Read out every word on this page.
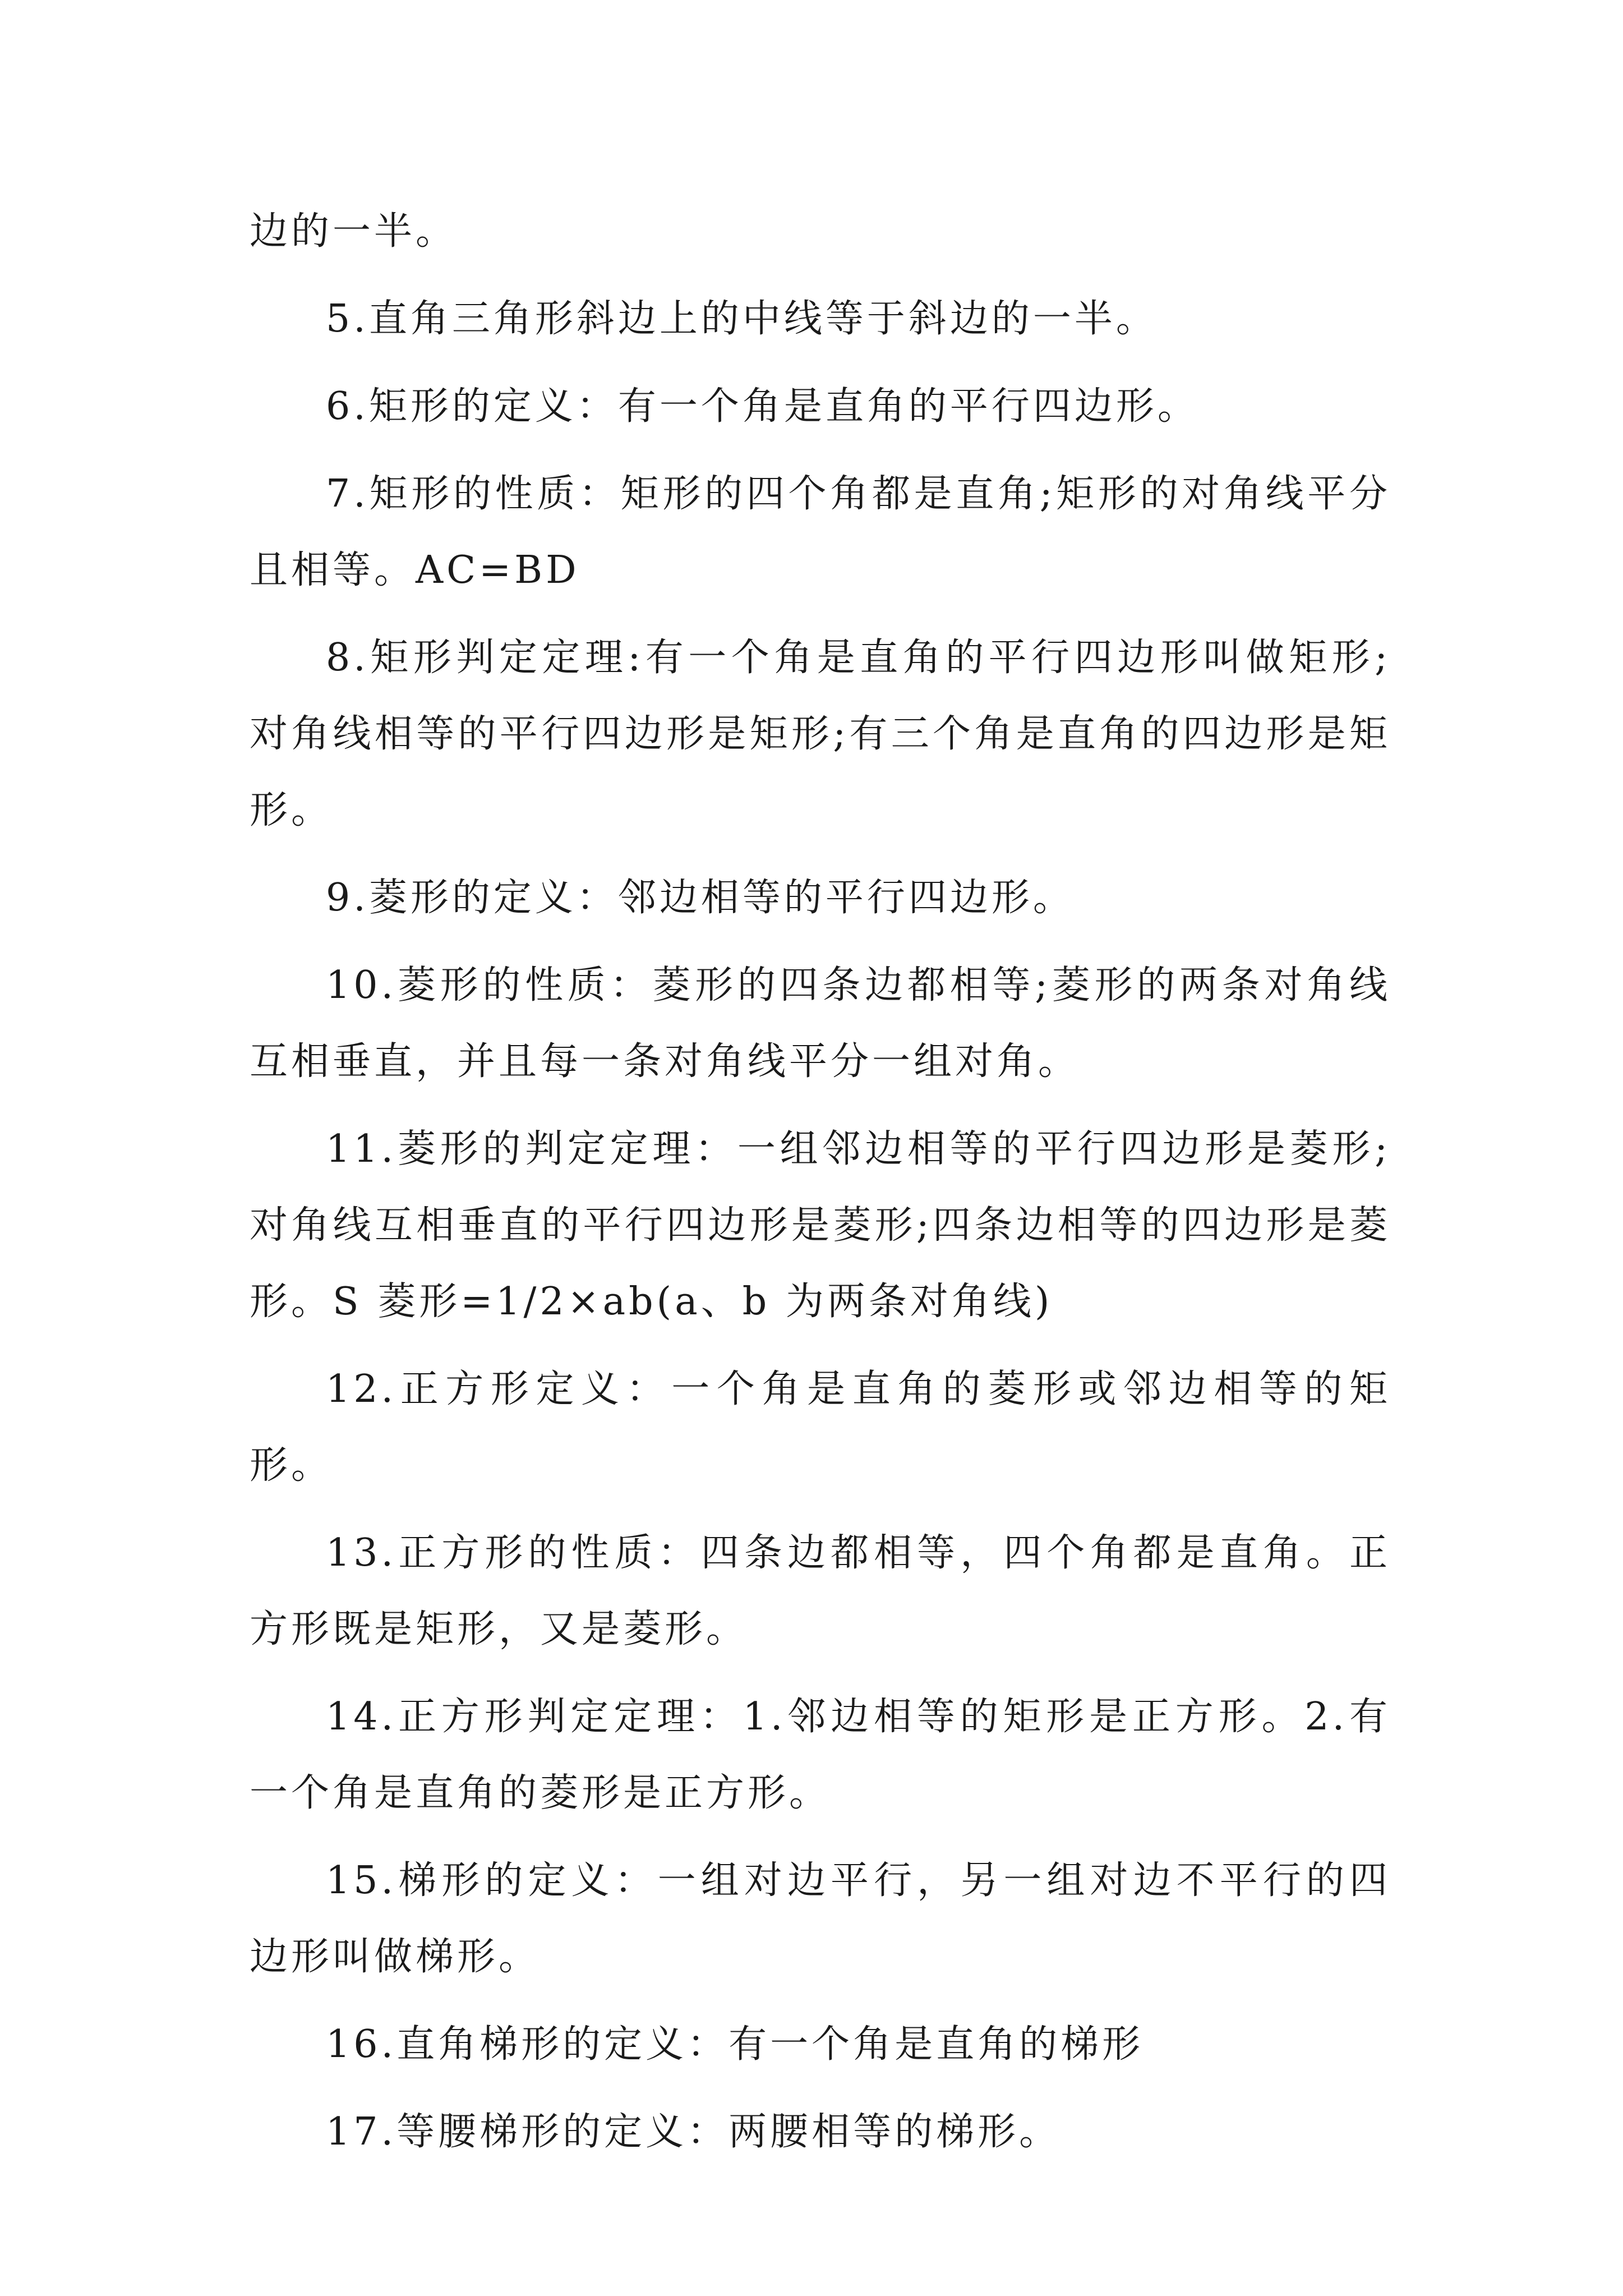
边的一半。

5.直角三角形斜边上的中线等于斜边的一半。

6.矩形的定义：有一个角是直角的平行四边形。

7.矩形的性质：矩形的四个角都是直角;矩形的对角线平分且相等。AC=BD

8.矩形判定定理:有一个角是直角的平行四边形叫做矩形;对角线相等的平行四边形是矩形;有三个角是直角的四边形是矩形。

9.菱形的定义：邻边相等的平行四边形。

10.菱形的性质：菱形的四条边都相等;菱形的两条对角线互相垂直，并且每一条对角线平分一组对角。

11.菱形的判定定理：一组邻边相等的平行四边形是菱形;对角线互相垂直的平行四边形是菱形;四条边相等的四边形是菱形。S 菱形=1/2×ab(a、b 为两条对角线)

12.正方形定义：一个角是直角的菱形或邻边相等的矩形。

13.正方形的性质：四条边都相等，四个角都是直角。正方形既是矩形，又是菱形。

14.正方形判定定理：1.邻边相等的矩形是正方形。2.有一个角是直角的菱形是正方形。

15.梯形的定义：一组对边平行，另一组对边不平行的四边形叫做梯形。

16.直角梯形的定义：有一个角是直角的梯形

17.等腰梯形的定义：两腰相等的梯形。
